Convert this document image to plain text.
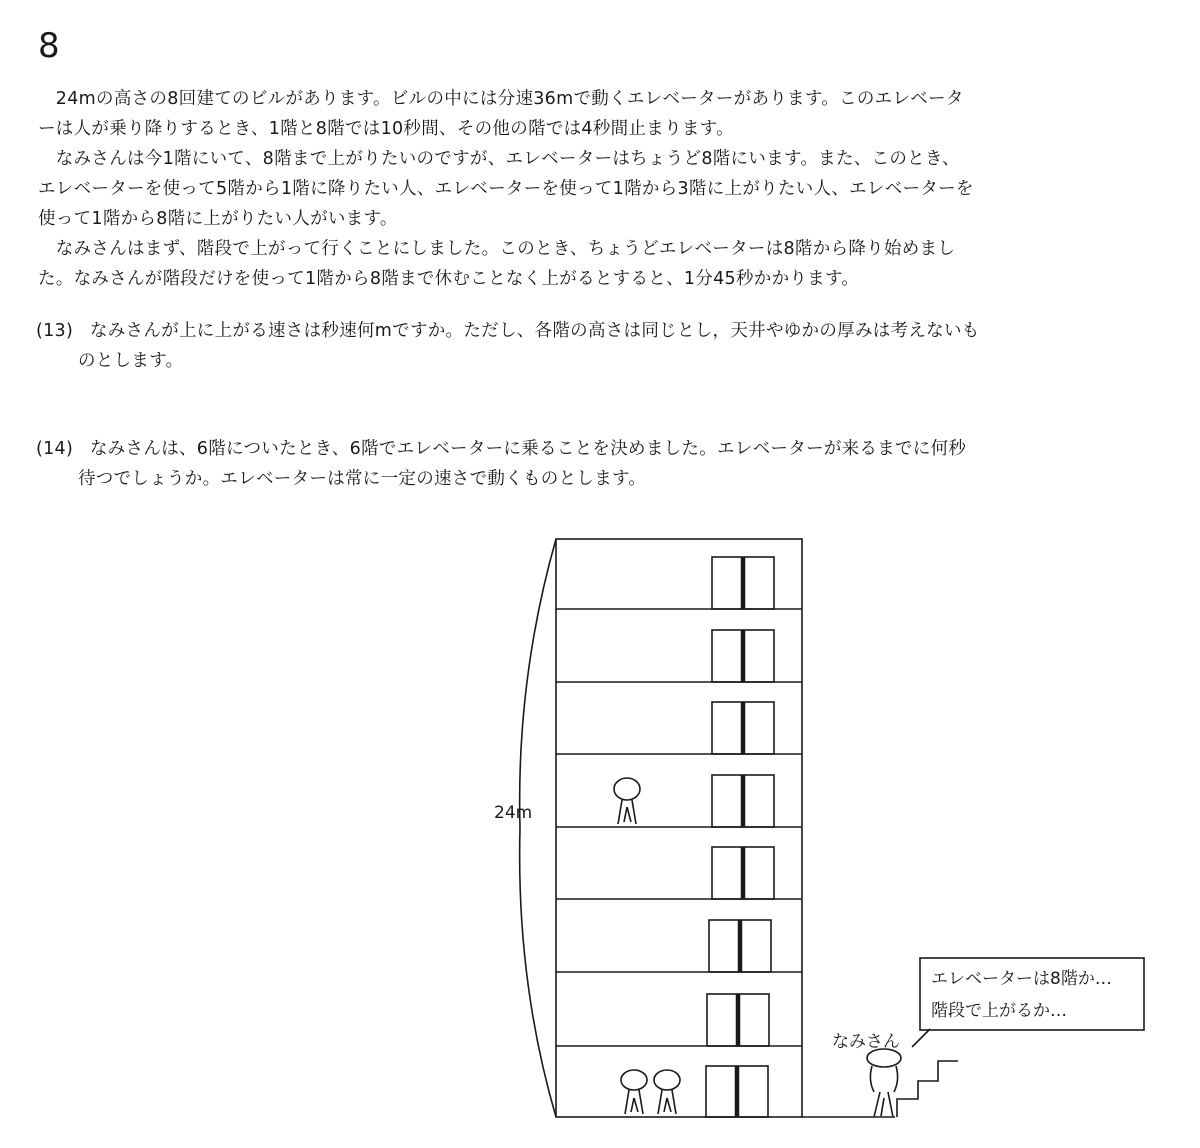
8

　24mの高さの8回建てのビルがあります。ビルの中には分速36mで動くエレベーターがあります。このエレベータ

ーは人が乗り降りするとき、1階と8階では10秒間、その他の階では4秒間止まります。

　なみさんは今1階にいて、8階まで上がりたいのですが、エレベーターはちょうど8階にいます。また、このとき、

エレベーターを使って5階から1階に降りたい人、エレベーターを使って1階から3階に上がりたい人、エレベーターを

使って1階から8階に上がりたい人がいます。

　なみさんはまず、階段で上がって行くことにしました。このとき、ちょうどエレベーターは8階から降り始めまし

た。なみさんが階段だけを使って1階から8階まで休むことなく上がるとすると、1分45秒かかります。

(13) なみさんが上に上がる速さは秒速何mですか。ただし、各階の高さは同じとし，天井やゆかの厚みは考えないも

のとします。

(14) なみさんは、6階についたとき、6階でエレベーターに乗ることを決めました。エレベーターが来るまでに何秒

待つでしょうか。エレベーターは常に一定の速さで動くものとします。

24m
なみさん
エレベーターは8階か…
階段で上がるか…
